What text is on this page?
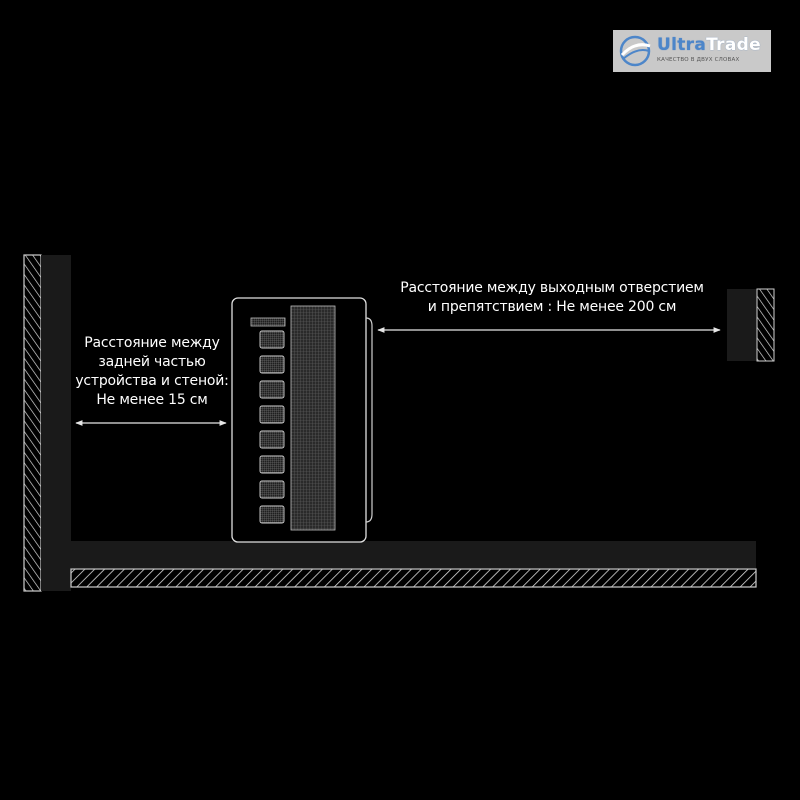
Расстояние между
задней частью
устройства и стеной:
Не менее 15 см
Расстояние между выходным отверстием
и препятствием : Не менее 200 см
UltraTrade
КАЧЕСТВО В ДВУХ СЛОВАХ
